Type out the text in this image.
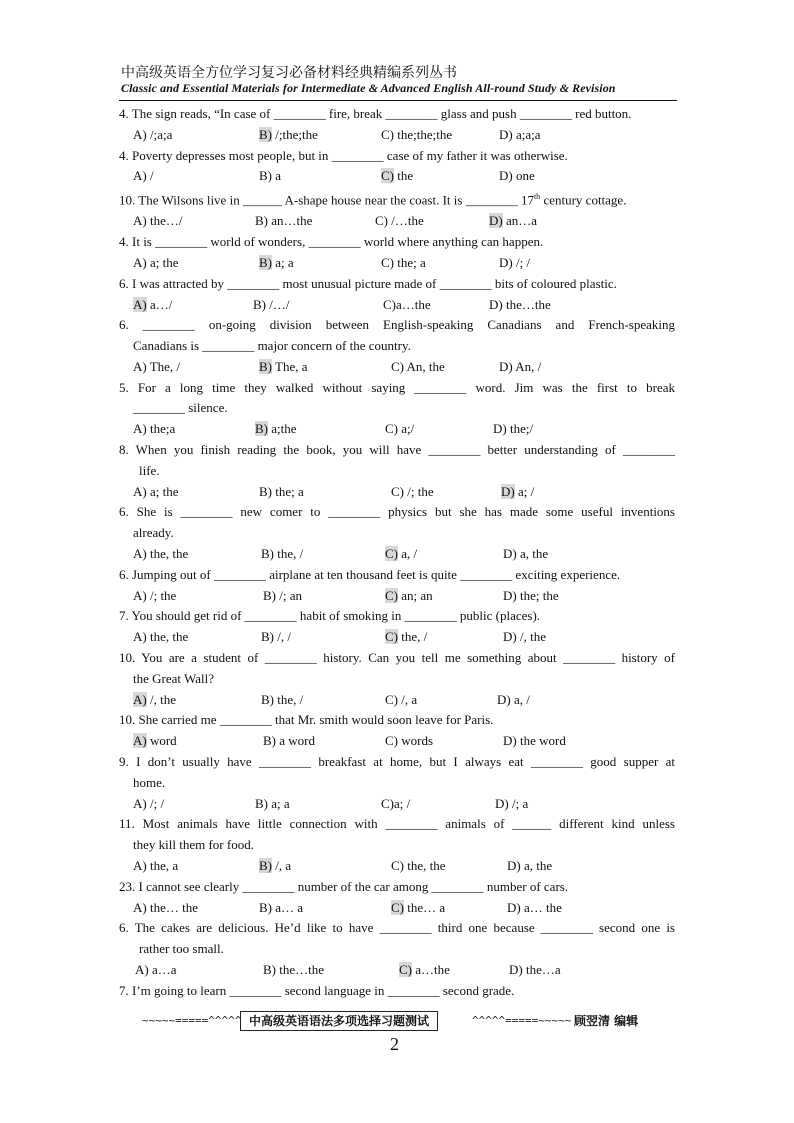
中高级英语全方位学习复习必备材料经典精编系列丛书
Classic and Essential Materials for Intermediate & Advanced English All-round Study & Revision
4. The sign reads, “In case of ________ fire, break ________ glass and push ________ red button.
A) /;a;a	B) /;the;the	C) the;the;the	D) a;a;a
4. Poverty depresses most people, but in ________ case of my father it was otherwise.
A) /	B) a	C) the	D) one
10. The Wilsons live in ______ A-shape house near the coast. It is ________ 17th century cottage.
A) the…/	B) an…the	C) /…the	D) an…a
4. It is ________ world of wonders, ________ world where anything can happen.
A) a; the	B) a; a	C) the; a	D) /; /
6. I was attracted by ________ most unusual picture made of ________ bits of coloured plastic.
A) a…/	B) /…/	C)a…the	D) the…the
6. ________ on-going division between English-speaking Canadians and French-speaking
Canadians is ________ major concern of the country.
A) The, /	B) The, a	C) An, the	D) An, /
5. For a long time they walked without saying ________ word. Jim was the first to break
________ silence.
A) the;a	B) a;the	C) a;/	D) the;/
8. When you finish reading the book, you will have ________ better understanding of ________
life.
A) a; the	B) the; a	C) /; the	D) a; /
6. She is ________ new comer to ________ physics but she has made some useful inventions
already.
A) the, the	B) the, /	C) a, /	D) a, the
6. Jumping out of ________ airplane at ten thousand feet is quite ________ exciting experience.
A) /; the	B) /; an	C) an; an	D) the; the
7. You should get rid of ________ habit of smoking in ________ public (places).
A) the, the	B) /, /	C) the, /	D) /, the
10. You are a student of ________ history. Can you tell me something about ________ history of
the Great Wall?
A) /, the	B) the, /	C) /, a	D) a, /
10. She carried me ________ that Mr. smith would soon leave for Paris.
A) word	B) a word	C) words	D) the word
9. I don’t usually have ________ breakfast at home, but I always eat ________ good supper at
home.
A) /; /	B) a; a	C)a; /	D) /; a
11. Most animals have little connection with ________ animals of ______ different kind unless
they kill them for food.
A) the, a	B) /, a	C) the, the	D) a, the
23. I cannot see clearly ________ number of the car among ________ number of cars.
A) the… the	B) a… a	C) the… a	D) a… the
6. The cakes are delicious. He’d like to have ________ third one because ________ second one is
rather too small.
A) a…a	B) the…the	C) a…the	D) the…a
7. I’m going to learn ________ second language in ________ second grade.
~~~~~=====^^^^^ 中高级英语语法多项选择习题测试	^^^^^=====~~~~~ 顾翌清 编辑
2
